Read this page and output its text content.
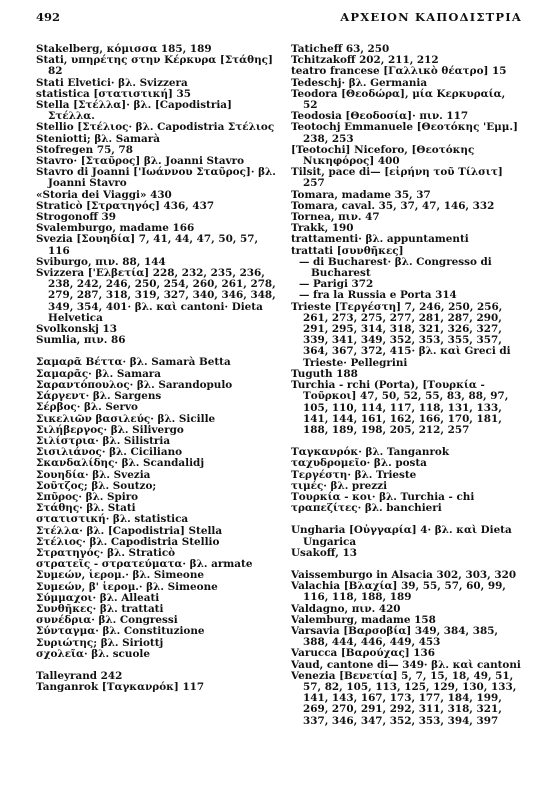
492	ΑΡΧΕΙΟΝ ΚΑΠΟΔΙΣΤΡΙΑ

Stakelberg, κόμισσα 185, 189

Stati, υπηρέτης στην Κέρκυρα [Στάθης] 82

Stati Elvetici· βλ. Svizzera

statistica [στατιστική] 35

Stella [Στέλλα]· βλ. [Capodistria] Στέλλα.

Stellio [Στέλιος· βλ. Capodistria Στέλιος

Steniotti; βλ. Samarà

Stofregen 75, 78

Stavro· [Σταῦρος] βλ. Joanni Stavro

Stavro di Joanni ['Ιωάννου Σταῦρος]· βλ. Joanni Stavro

«Storia dei Viaggi» 430

Straticò [Στρατηγός] 436, 437

Strogonoff 39

Svalemburgo, madame 166

Svezia [Σουηδία] 7, 41, 44, 47, 50, 57, 116

Sviburgo, πιν. 88, 144

Svizzera ['Ελβετία] 228, 232, 235, 236, 238, 242, 246, 250, 254, 260, 261, 278, 279, 287, 318, 319, 327, 340, 346, 348, 349, 354, 401· βλ. καὶ cantoni· Dieta Helvetica

Svolkonskj 13

Sumlia, πιν. 86

Σαμαρᾶ Βέττα· βλ. Samarà Betta

Σαμαρᾶς· βλ. Samara

Σαραντόπουλος· βλ. Sarandopulo

Σάργεντ· βλ. Sargens

Σέρβος· βλ. Servo

Σικελιῶν βασιλεύς· βλ. Sicille

Σιλήβεργος· βλ. Silivergo

Σιλίστρια· βλ. Silistria

Σισιλιάνος· βλ. Ciciliano

Σκανδαλίδης· βλ. Scandalidj

Σουηδία· βλ. Svezia

Σοῦτζος; βλ. Soutzo;

Σπῦρος· βλ. Spiro

Στάθης· βλ. Stati

στατιστική· βλ. statistica

Στέλλα· βλ. [Capodistria] Stella

Στέλιος· βλ. Capodistria Stellio

Στρατηγός· βλ. Straticò

στρατεῖς - στρατεύματα· βλ. armate

Συμεών, ἱερομ.· βλ. Simeone

Συμεών, β' ἱερομ.· βλ. Simeone

Σύμμαχοι· βλ. Alleati

Συνθῆκες· βλ. trattati

συνέδρια· βλ. Congressi

Σύνταγμα· βλ. Constituzione

Συριώτης; βλ. Siriottj

σχολεῖα· βλ. scuole

Talleyrand 242

Tanganrok [Ταγκανρόκ] 117

Taticheff 63, 250

Tchitzakoff 202, 211, 212

teatro francese [Γαλλικὸ θέατρο] 15

Tedeschj· βλ. Germania

Teodora [Θεοδώρα], μία Κερκυραία, 52

Teodosia [Θεοδοσία]· πιν. 117

Teotochj Emmanuele [Θεοτόκης 'Εμμ.] 238, 253

[Teotochi] Niceforo, [Θεοτόκης Νικηφόρος] 400

Tilsit, pace di— [εἰρήνη τοῦ Τίλσιτ] 257

Tomara, madame 35, 37

Tomara, caval. 35, 37, 47, 146, 332

Tornea, πιν. 47

Trakk, 190

trattamenti· βλ. appuntamenti

trattati [συνθῆκες]

— di Bucharest· βλ. Congresso di Bucharest

— Parigi 372

— fra la Russia e Porta 314

Trieste [Τεργέστη] 7, 246, 250, 256, 261, 273, 275, 277, 281, 287, 290, 291, 295, 314, 318, 321, 326, 327, 339, 341, 349, 352, 353, 355, 357, 364, 367, 372, 415· βλ. καὶ Greci di Trieste· Pellegrini

Tuguth 188

Turchia - rchi (Porta), [Τουρκία - Τοῦρκοι] 47, 50, 52, 55, 83, 88, 97, 105, 110, 114, 117, 118, 131, 133, 141, 144, 161, 162, 166, 170, 181, 188, 189, 198, 205, 212, 257

Ταγκανρόκ· βλ. Tanganrok

ταχυδρομεῖο· βλ. posta

Τεργέστη· βλ. Trieste

τιμές· βλ. prezzi

Τουρκία - κοι· βλ. Turchia - chi

τραπεζίτες· βλ. banchieri

Ungharia [Οὐγγαρία] 4· βλ. καὶ Dieta Ungarica

Usakoff, 13

Vaissemburgo in Alsacia 302, 303, 320

Valachia [Βλαχία] 39, 55, 57, 60, 99, 116, 118, 188, 189

Valdagno, πιν. 420

Valemburg, madame 158

Varsavia [Βαρσοβία] 349, 384, 385, 388, 444, 446, 449, 453

Varucca [Βαρούχας] 136

Vaud, cantone di— 349· βλ. καὶ cantoni

Venezia [Βενετία] 5, 7, 15, 18, 49, 51, 57, 82, 105, 113, 125, 129, 130, 133, 141, 143, 167, 173, 177, 184, 199, 269, 270, 291, 292, 311, 318, 321, 337, 346, 347, 352, 353, 394, 397
